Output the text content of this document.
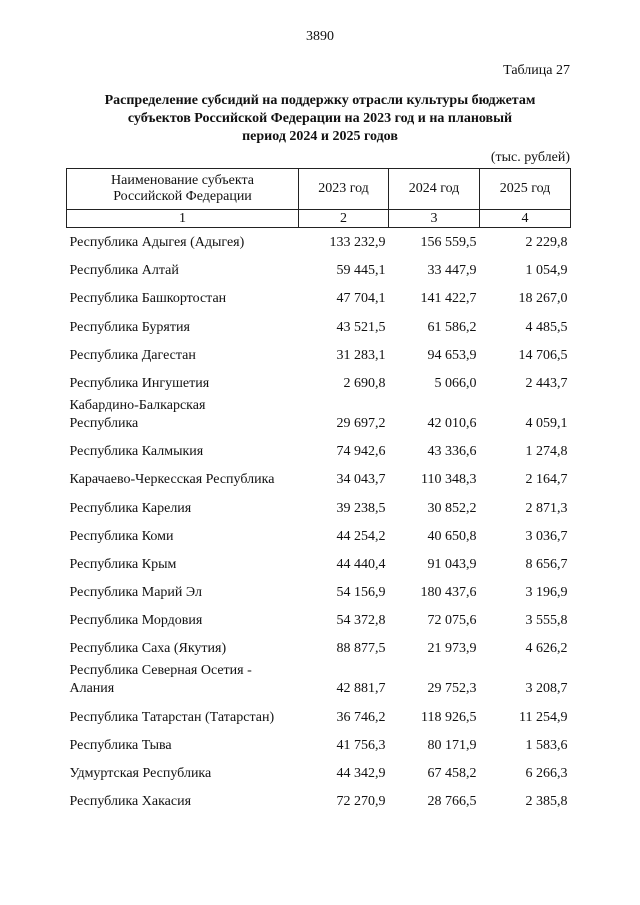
3890
Таблица 27
Распределение субсидий на поддержку отрасли культуры бюджетам
субъектов Российской Федерации на 2023 год и на плановый
период 2024 и 2025 годов
(тыс. рублей)
Наименование субъекта
Российской Федерации	2023 год	2024 год	2025 год
1	2	3	4
Республика Адыгея (Адыгея)	133 232,9	156 559,5	2 229,8
Республика Алтай	59 445,1	33 447,9	1 054,9
Республика Башкортостан	47 704,1	141 422,7	18 267,0
Республика Бурятия	43 521,5	61 586,2	4 485,5
Республика Дагестан	31 283,1	94 653,9	14 706,5
Республика Ингушетия	2 690,8	5 066,0	2 443,7

Кабардино-Балкарская
Республика	29 697,2	42 010,6	4 059,1
Республика Калмыкия	74 942,6	43 336,6	1 274,8
Карачаево-Черкесская Республика	34 043,7	110 348,3	2 164,7
Республика Карелия	39 238,5	30 852,2	2 871,3
Республика Коми	44 254,2	40 650,8	3 036,7
Республика Крым	44 440,4	91 043,9	8 656,7
Республика Марий Эл	54 156,9	180 437,6	3 196,9
Республика Мордовия	54 372,8	72 075,6	3 555,8
Республика Саха (Якутия)	88 877,5	21 973,9	4 626,2

Республика Северная Осетия -
Алания	42 881,7	29 752,3	3 208,7
Республика Татарстан (Татарстан)	36 746,2	118 926,5	11 254,9
Республика Тыва	41 756,3	80 171,9	1 583,6
Удмуртская Республика	44 342,9	67 458,2	6 266,3
Республика Хакасия	72 270,9	28 766,5	2 385,8
